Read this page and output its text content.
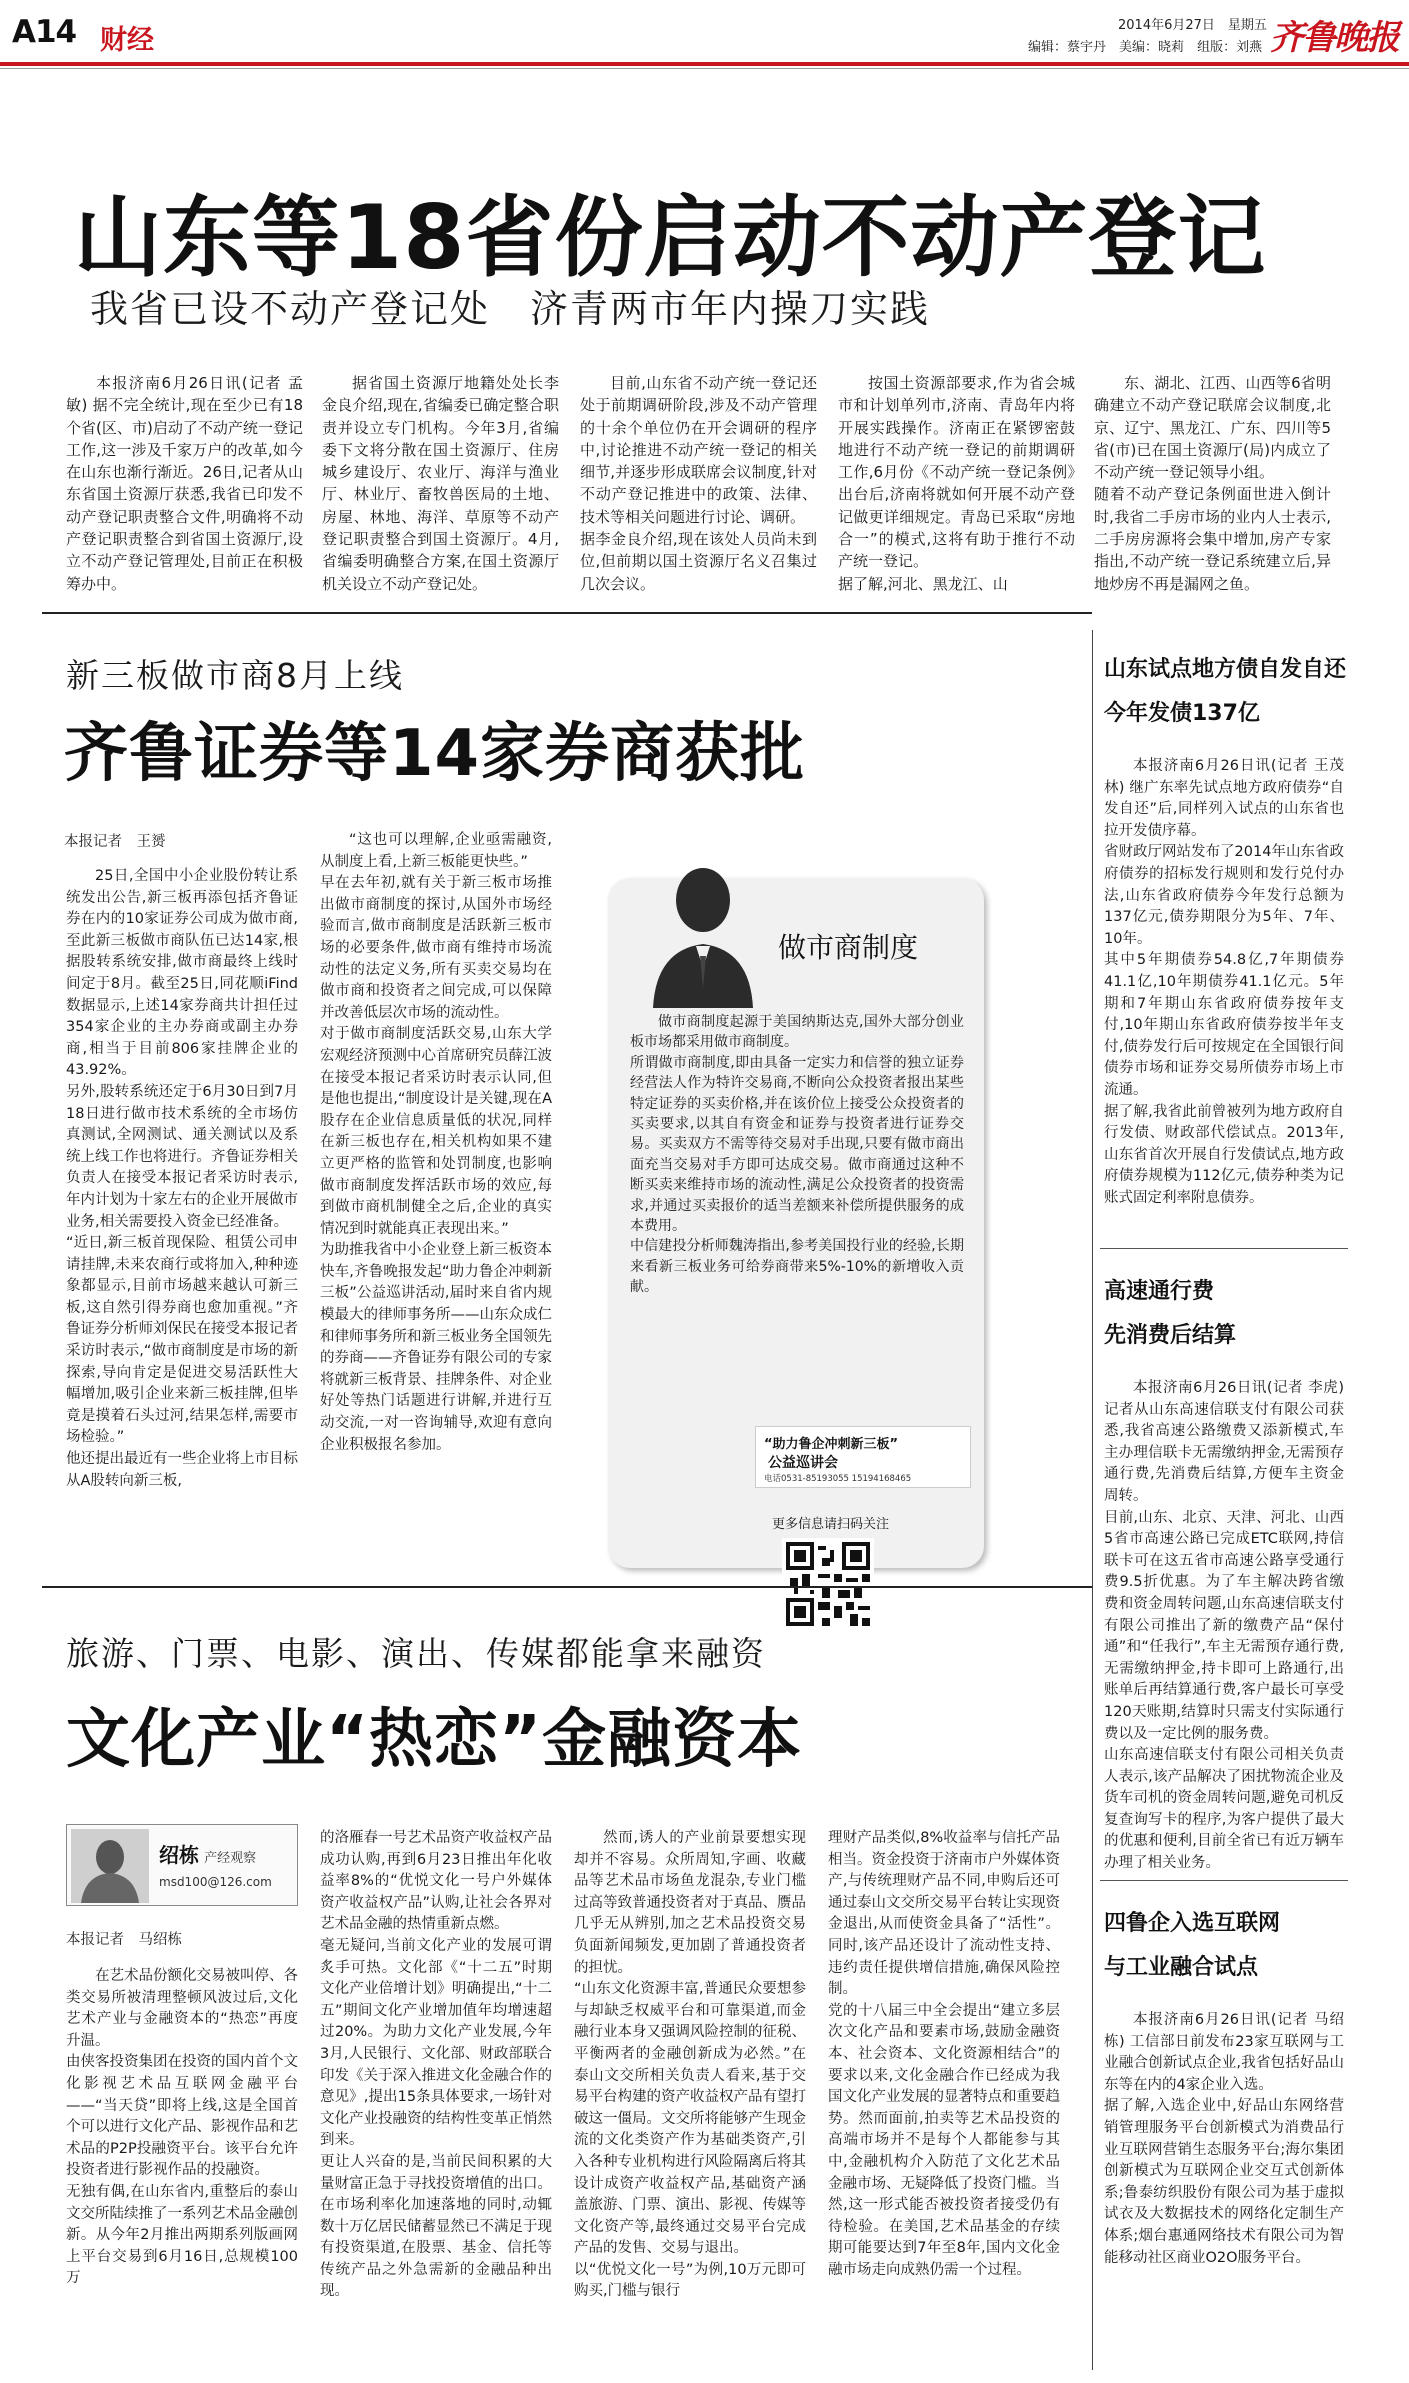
A14 财经	2014年6月27日　 星期五
编辑：蔡宇丹　 美编：晓莉　 组版：刘燕 齐鲁晚报
山东等18省份启动不动产登记
我省已设不动产登记处　济青两市年内操刀实践

本报济南6月26日讯(记者 孟敏) 据不完全统计,现在至少已有18个省(区、市)启动了不动产统一登记工作,这一涉及千家万户的改革,如今在山东也渐行渐近。26日,记者从山东省国土资源厅获悉,我省已印发不动产登记职责整合文件,明确将不动产登记职责整合到省国土资源厅,设立不动产登记管理处,目前正在积极筹办中。

据省国土资源厅地籍处处长李金良介绍,现在,省编委已确定整合职责并设立专门机构。今年3月,省编委下文将分散在国土资源厅、住房城乡建设厅、农业厅、海洋与渔业厅、林业厅、畜牧兽医局的土地、房屋、林地、海洋、草原等不动产登记职责整合到国土资源厅。4月,省编委明确整合方案,在国土资源厅机关设立不动产登记处。

目前,山东省不动产统一登记还处于前期调研阶段,涉及不动产管理的十余个单位仍在开会调研的程序中,讨论推进不动产统一登记的相关细节,并逐步形成联席会议制度,针对不动产登记推进中的政策、法律、技术等相关问题进行讨论、调研。
据李金良介绍,现在该处人员尚未到位,但前期以国土资源厅名义召集过几次会议。

按国土资源部要求,作为省会城市和计划单列市,济南、青岛年内将开展实践操作。济南正在紧锣密鼓地进行不动产统一登记的前期调研工作,6月份《不动产统一登记条例》出台后,济南将就如何开展不动产登记做更详细规定。青岛已采取“房地合一”的模式,这将有助于推行不动产统一登记。
据了解,河北、黑龙江、山

东、湖北、江西、山西等6省明确建立不动产登记联席会议制度,北京、辽宁、黑龙江、广东、四川等5省(市)已在国土资源厅(局)内成立了不动产统一登记领导小组。
随着不动产登记条例面世进入倒计时,我省二手房市场的业内人士表示,二手房房源将会集中增加,房产专家指出,不动产统一登记系统建立后,异地炒房不再是漏网之鱼。

新三板做市商8月上线
齐鲁证券等14家券商获批
本报记者　王赟

25日,全国中小企业股份转让系统发出公告,新三板再添包括齐鲁证券在内的10家证券公司成为做市商,至此新三板做市商队伍已达14家,根据股转系统安排,做市商最终上线时间定于8月。截至25日,同花顺iFind数据显示,上述14家券商共计担任过354家企业的主办券商或副主办券商,相当于目前806家挂牌企业的43.92%。
另外,股转系统还定于6月30日到7月18日进行做市技术系统的全市场仿真测试,全网测试、通关测试以及系统上线工作也将进行。齐鲁证券相关负责人在接受本报记者采访时表示,年内计划为十家左右的企业开展做市业务,相关需要投入资金已经准备。
“近日,新三板首现保险、租赁公司申请挂牌,未来农商行或将加入,种种迹象都显示,目前市场越来越认可新三板,这自然引得券商也愈加重视。”齐鲁证券分析师刘保民在接受本报记者采访时表示,“做市商制度是市场的新探索,导向肯定是促进交易活跃性大幅增加,吸引企业来新三板挂牌,但毕竟是摸着石头过河,结果怎样,需要市场检验。”
他还提出最近有一些企业将上市目标从A股转向新三板,

“这也可以理解,企业亟需融资,从制度上看,上新三板能更快些。”
早在去年初,就有关于新三板市场推出做市商制度的探讨,从国外市场经验而言,做市商制度是活跃新三板市场的必要条件,做市商有维持市场流动性的法定义务,所有买卖交易均在做市商和投资者之间完成,可以保障并改善低层次市场的流动性。
对于做市商制度活跃交易,山东大学宏观经济预测中心首席研究员薛江波在接受本报记者采访时表示认同,但是他也提出,“制度设计是关键,现在A股存在企业信息质量低的状况,同样在新三板也存在,相关机构如果不建立更严格的监管和处罚制度,也影响做市商制度发挥活跃市场的效应,每到做市商机制健全之后,企业的真实情况到时就能真正表现出来。”
为助推我省中小企业登上新三板资本快车,齐鲁晚报发起“助力鲁企冲刺新三板”公益巡讲活动,届时来自省内规模最大的律师事务所——山东众成仁和律师事务所和新三板业务全国领先的券商——齐鲁证券有限公司的专家将就新三板背景、挂牌条件、对企业好处等热门话题进行讲解,并进行互动交流,一对一咨询辅导,欢迎有意向企业积极报名参加。

做市商制度

做市商制度起源于美国纳斯达克,国外大部分创业板市场都采用做市商制度。
所谓做市商制度,即由具备一定实力和信誉的独立证券经营法人作为特许交易商,不断向公众投资者报出某些特定证券的买卖价格,并在该价位上接受公众投资者的买卖要求,以其自有资金和证券与投资者进行证券交易。买卖双方不需等待交易对手出现,只要有做市商出面充当交易对手方即可达成交易。做市商通过这种不断买卖来维持市场的流动性,满足公众投资者的投资需求,并通过买卖报价的适当差额来补偿所提供服务的成本费用。
中信建投分析师魏涛指出,参考美国投行业的经验,长期来看新三板业务可给券商带来5%-10%的新增收入贡献。

“助力鲁企冲刺新三板”
公益巡讲会
电话0531-85193055 15194168465
更多信息请扫码关注
旅游、门票、电影、演出、传媒都能拿来融资
文化产业“热恋”金融资本
绍栋 产经观察
msd100@126.com
本报记者　马绍栋

在艺术品份额化交易被叫停、各类交易所被清理整顿风波过后,文化艺术产业与金融资本的“热恋”再度升温。
由侠客投资集团在投资的国内首个文化影视艺术品互联网金融平台——“当天贷”即将上线,这是全国首个可以进行文化产品、影视作品和艺术品的P2P投融资平台。该平台允许投资者进行影视作品的投融资。
无独有偶,在山东省内,重整后的泰山文交所陆续推了一系列艺术品金融创新。从今年2月推出两期系列版画网上平台交易到6月16日,总规模100万

的洛雁春一号艺术品资产收益权产品成功认购,再到6月23日推出年化收益率8%的“优悦文化一号户外媒体资产收益权产品”认购,让社会各界对艺术品金融的热情重新点燃。
毫无疑问,当前文化产业的发展可谓炙手可热。文化部《“十二五”时期文化产业倍增计划》明确提出,“十二五”期间文化产业增加值年均增速超过20%。为助力文化产业发展,今年3月,人民银行、文化部、财政部联合印发《关于深入推进文化金融合作的意见》,提出15条具体要求,一场针对文化产业投融资的结构性变革正悄然到来。
更让人兴奋的是,当前民间积累的大量财富正急于寻找投资增值的出口。在市场利率化加速落地的同时,动辄数十万亿居民储蓄显然已不满足于现有投资渠道,在股票、基金、信托等传统产品之外急需新的金融品种出现。

然而,诱人的产业前景要想实现却并不容易。众所周知,字画、收藏品等艺术品市场鱼龙混杂,专业门槛过高等致普通投资者对于真品、赝品几乎无从辨别,加之艺术品投资交易负面新闻频发,更加剧了普通投资者的担忧。
“山东文化资源丰富,普通民众要想参与却缺乏权威平台和可靠渠道,而金融行业本身又强调风险控制的征税、平衡两者的金融创新成为必然。”在泰山文交所相关负责人看来,基于交易平台构建的资产收益权产品有望打破这一僵局。文交所将能够产生现金流的文化类资产作为基础类资产,引入各种专业机构进行风险隔离后将其设计成资产收益权产品,基础资产涵盖旅游、门票、演出、影视、传媒等文化资产等,最终通过交易平台完成产品的发售、交易与退出。
以“优悦文化一号”为例,10万元即可购买,门槛与银行

理财产品类似,8%收益率与信托产品相当。资金投资于济南市户外媒体资产,与传统理财产品不同,申购后还可通过泰山文交所交易平台转让实现资金退出,从而使资金具备了“活性”。同时,该产品还设计了流动性支持、违约责任提供增信措施,确保风险控制。
党的十八届三中全会提出“建立多层次文化产品和要素市场,鼓励金融资本、社会资本、文化资源相结合”的要求以来,文化金融合作已经成为我国文化产业发展的显著特点和重要趋势。然而面前,拍卖等艺术品投资的高端市场并不是每个人都能参与其中,金融机构介入防范了文化艺术品金融市场、无疑降低了投资门槛。当然,这一形式能否被投资者接受仍有待检验。在美国,艺术品基金的存续期可能要达到7年至8年,国内文化金融市场走向成熟仍需一个过程。

山东试点地方债自发自还
今年发债137亿

本报济南6月26日讯(记者 王茂林) 继广东率先试点地方政府债券“自发自还”后,同样列入试点的山东省也拉开发债序幕。
省财政厅网站发布了2014年山东省政府债券的招标发行规则和发行兑付办法,山东省政府债券今年发行总额为137亿元,债券期限分为5年、7年、10年。
其中5年期债券54.8亿,7年期债券41.1亿,10年期债券41.1亿元。5年期和7年期山东省政府债券按年支付,10年期山东省政府债券按半年支付,债券发行后可按规定在全国银行间债券市场和证券交易所债券市场上市流通。
据了解,我省此前曾被列为地方政府自行发债、财政部代偿试点。2013年,山东省首次开展自行发债试点,地方政府债券规模为112亿元,债券种类为记账式固定利率附息债券。

高速通行费
先消费后结算

本报济南6月26日讯(记者 李虎) 记者从山东高速信联支付有限公司获悉,我省高速公路缴费又添新模式,车主办理信联卡无需缴纳押金,无需预存通行费,先消费后结算,方便车主资金周转。
目前,山东、北京、天津、河北、山西5省市高速公路已完成ETC联网,持信联卡可在这五省市高速公路享受通行费9.5折优惠。为了车主解决跨省缴费和资金周转问题,山东高速信联支付有限公司推出了新的缴费产品“保付通”和“任我行”,车主无需预存通行费,无需缴纳押金,持卡即可上路通行,出账单后再结算通行费,客户最长可享受120天账期,结算时只需支付实际通行费以及一定比例的服务费。
山东高速信联支付有限公司相关负责人表示,该产品解决了困扰物流企业及货车司机的资金周转问题,避免司机反复查询写卡的程序,为客户提供了最大的优惠和便利,目前全省已有近万辆车办理了相关业务。

四鲁企入选互联网
与工业融合试点

本报济南6月26日讯(记者 马绍栋) 工信部日前发布23家互联网与工业融合创新试点企业,我省包括好品山东等在内的4家企业入选。
据了解,入选企业中,好品山东网络营销管理服务平台创新模式为消费品行业互联网营销生态服务平台;海尔集团创新模式为互联网企业交互式创新体系;鲁泰纺织股份有限公司为基于虚拟试衣及大数据技术的网络化定制生产体系;烟台惠通网络技术有限公司为智能移动社区商业O2O服务平台。
